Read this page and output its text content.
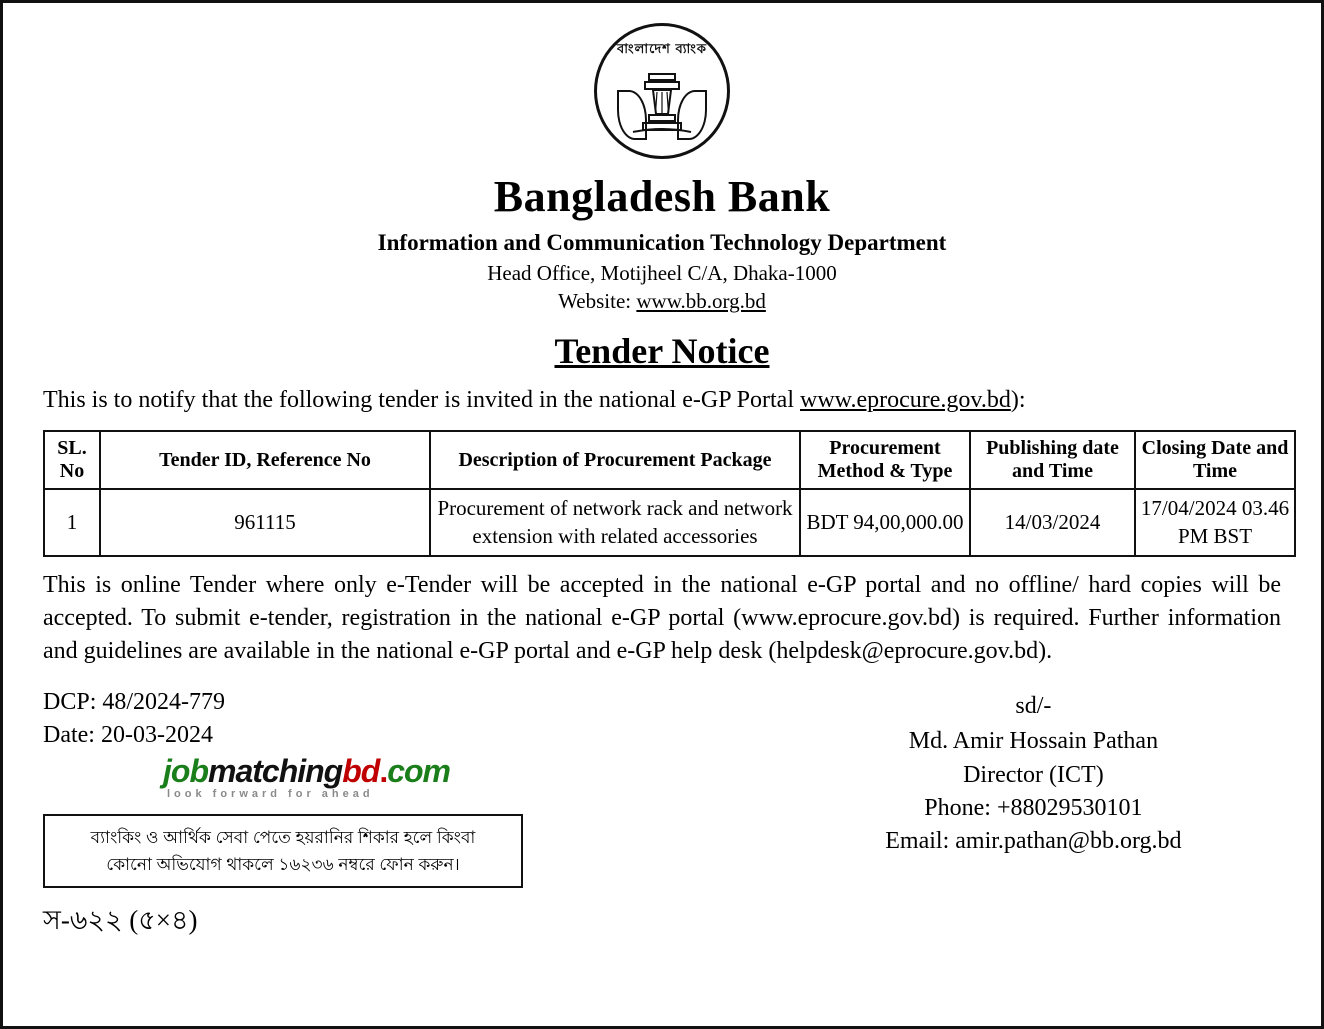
বাংলাদেশ ব্যাংক
Bangladesh Bank
Information and Communication Technology Department
Head Office, Motijheel C/A, Dhaka-1000
Website: www.bb.org.bd
Tender Notice
This is to notify that the following tender is invited in the national e-GP Portal www.eprocure.gov.bd):
SL. No	Tender ID, Reference No	Description of Procurement Package	Procurement Method & Type	Publishing date and Time	Closing Date and Time
1	961115	Procurement of network rack and network extension with related accessories	BDT 94,00,000.00	14/03/2024	17/04/2024 03.46 PM BST
This is online Tender where only e-Tender will be accepted in the national e-GP portal and no offline/ hard copies will be accepted. To submit e-tender, registration in the national e-GP portal (www.eprocure.gov.bd) is required. Further information and guidelines are available in the national e-GP portal and e-GP help desk (helpdesk@eprocure.gov.bd).
DCP: 48/2024-779
Date: 20-03-2024
jobmatchingbd.com
look forward for ahead
ব্যাংকিং ও আর্থিক সেবা পেতে হয়রানির শিকার হলে কিংবা
কোনো অভিযোগ থাকলে ১৬২৩৬ নম্বরে ফোন করুন।
স-৬২২ (৫×৪)
sd/-
Md. Amir Hossain Pathan
Director (ICT)
Phone: +88029530101
Email: amir.pathan@bb.org.bd
